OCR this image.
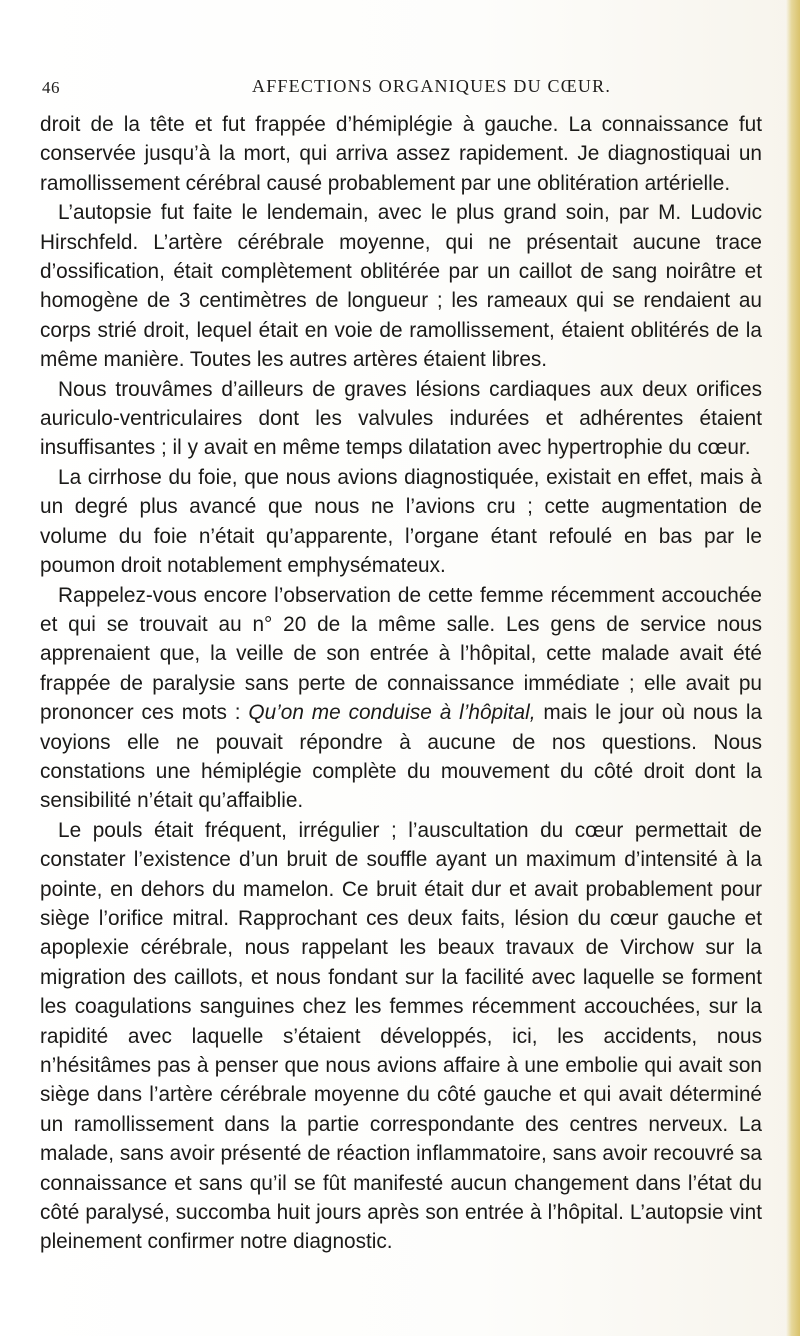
46	AFFECTIONS ORGANIQUES DU CŒUR.

droit de la tête et fut frappée d’hémiplégie à gauche. La connaissance fut conservée jusqu’à la mort, qui arriva assez rapidement. Je diagnostiquai un ramollissement cérébral causé probablement par une oblitération artérielle.

L’autopsie fut faite le lendemain, avec le plus grand soin, par M. Ludovic Hirschfeld. L’artère cérébrale moyenne, qui ne présentait aucune trace d’ossification, était complètement oblitérée par un caillot de sang noirâtre et homogène de 3 centimètres de longueur ; les rameaux qui se rendaient au corps strié droit, lequel était en voie de ramollissement, étaient oblitérés de la même manière. Toutes les autres artères étaient libres.

Nous trouvâmes d’ailleurs de graves lésions cardiaques aux deux orifices auriculo-ventriculaires dont les valvules indurées et adhérentes étaient insuffisantes ; il y avait en même temps dilatation avec hypertrophie du cœur.

La cirrhose du foie, que nous avions diagnostiquée, existait en effet, mais à un degré plus avancé que nous ne l’avions cru ; cette augmentation de volume du foie n’était qu’apparente, l’organe étant refoulé en bas par le poumon droit notablement emphysémateux.

Rappelez-vous encore l’observation de cette femme récemment accouchée et qui se trouvait au n° 20 de la même salle. Les gens de service nous apprenaient que, la veille de son entrée à l’hôpital, cette malade avait été frappée de paralysie sans perte de connaissance immédiate ; elle avait pu prononcer ces mots : Qu’on me conduise à l’hôpital, mais le jour où nous la voyions elle ne pouvait répondre à aucune de nos questions. Nous constations une hémiplégie complète du mouvement du côté droit dont la sensibilité n’était qu’affaiblie.

Le pouls était fréquent, irrégulier ; l’auscultation du cœur permettait de constater l’existence d’un bruit de souffle ayant un maximum d’intensité à la pointe, en dehors du mamelon. Ce bruit était dur et avait probablement pour siège l’orifice mitral. Rapprochant ces deux faits, lésion du cœur gauche et apoplexie cérébrale, nous rappelant les beaux travaux de Virchow sur la migration des caillots, et nous fondant sur la facilité avec laquelle se forment les coagulations sanguines chez les femmes récemment accouchées, sur la rapidité avec laquelle s’étaient développés, ici, les accidents, nous n’hésitâmes pas à penser que nous avions affaire à une embolie qui avait son siège dans l’artère cérébrale moyenne du côté gauche et qui avait déterminé un ramollissement dans la partie correspondante des centres nerveux. La malade, sans avoir présenté de réaction inflammatoire, sans avoir recouvré sa connaissance et sans qu’il se fût manifesté aucun changement dans l’état du côté paralysé, succomba huit jours après son entrée à l’hôpital. L’autopsie vint pleinement confirmer notre diagnostic.
